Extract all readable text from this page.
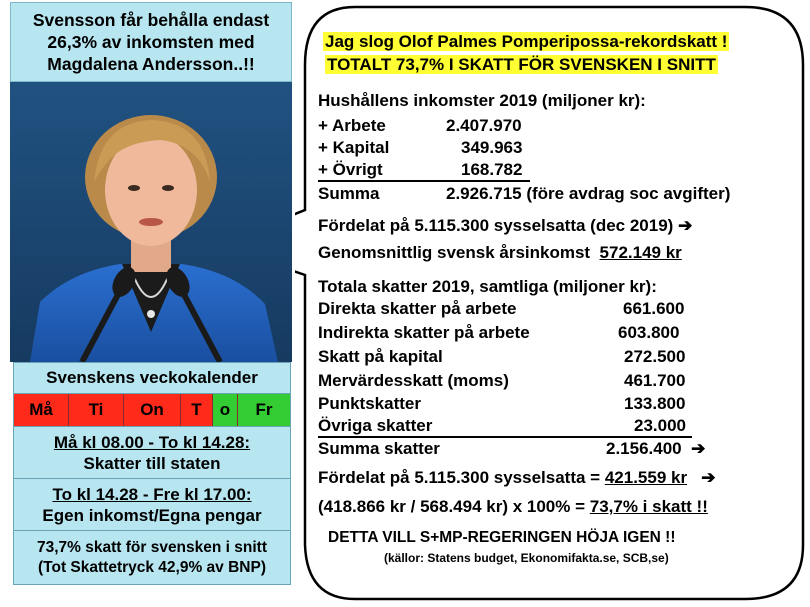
Svensson får behålla endast
26,3% av inkomsten med
Magdalena Andersson..!!
Jag slog Olof Palmes Pomperipossa-rekordskatt !
TOTALT 73,7% I SKATT FÖR SVENSKEN I SNITT
Hushållens inkomster 2019 (miljoner kr):
+ Arbete	2.407.970
+ Kapital	349.963
+ Övrigt	168.782
Summa	2.926.715 (före avdrag soc avgifter)
Fördelat på 5.115.300 sysselsatta (dec 2019) ➔
Genomsnittlig svensk årsinkomst 572.149 kr
Totala skatter 2019, samtliga (miljoner kr):
Direkta skatter på arbete	661.600
Indirekta skatter på arbete	603.800
Skatt på kapital	272.500
Mervärdesskatt (moms)	461.700
Punktskatter	133.800
Övriga skatter	23.000
Summa skatter	2.156.400 ➔
Fördelat på 5.115.300 sysselsatta = 421.559 kr ➔
(418.866 kr / 568.494 kr) x 100% = 73,7% i skatt !!
DETTA VILL S+MP-REGERINGEN HÖJA IGEN !!
(källor: Statens budget, Ekonomifakta.se, SCB,se)
Svenskens veckokalender
Må	Ti	On	T	o	Fr
Må kl 08.00 - To kl 14.28:
Skatter till staten
To kl 14.28 - Fre kl 17.00:
Egen inkomst/Egna pengar
73,7% skatt för svensken i snitt
(Tot Skattetryck 42,9% av BNP)
